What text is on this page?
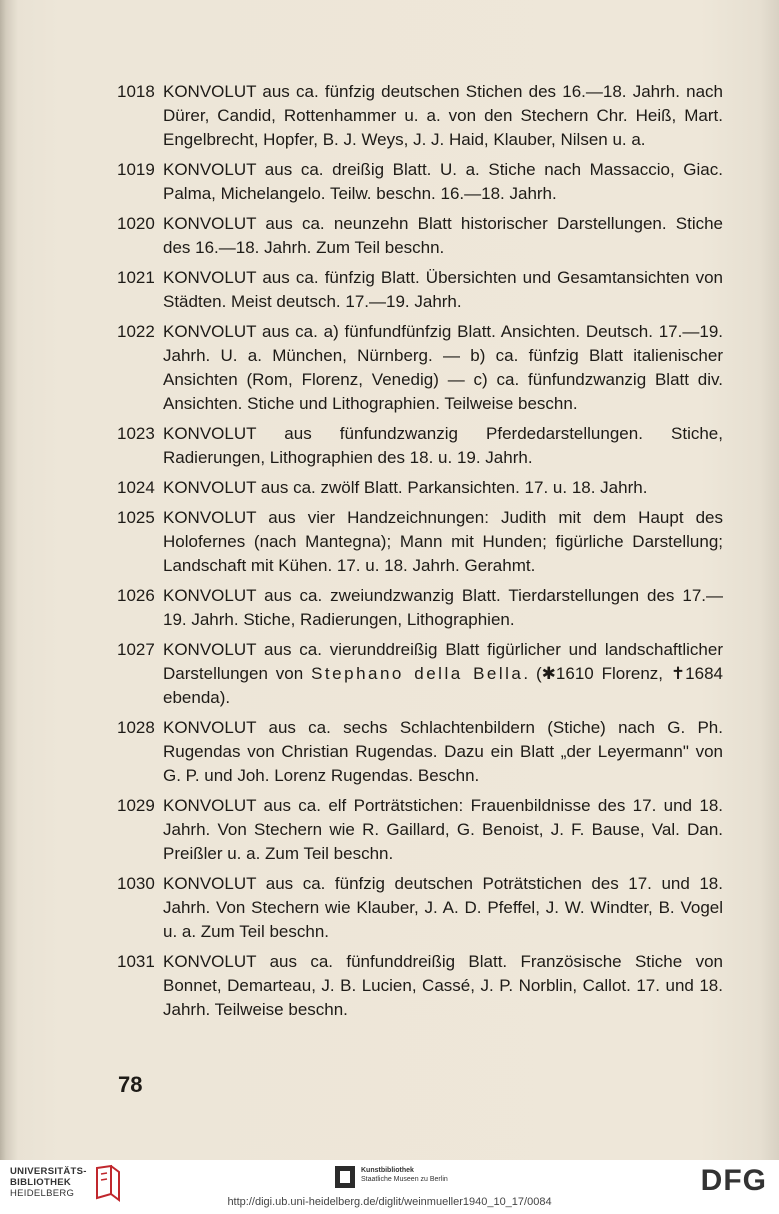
1018 KONVOLUT aus ca. fünfzig deutschen Stichen des 16.—18. Jahrh. nach Dürer, Candid, Rottenhammer u. a. von den Stechern Chr. Heiß, Mart. Engelbrecht, Hopfer, B. J. Weys, J. J. Haid, Klauber, Nilsen u. a.
1019 KONVOLUT aus ca. dreißig Blatt. U. a. Stiche nach Massaccio, Giac. Palma, Michelangelo. Teilw. beschn. 16.—18. Jahrh.
1020 KONVOLUT aus ca. neunzehn Blatt historischer Darstellungen. Stiche des 16.—18. Jahrh. Zum Teil beschn.
1021 KONVOLUT aus ca. fünfzig Blatt. Übersichten und Gesamtansichten von Städten. Meist deutsch. 17.—19. Jahrh.
1022 KONVOLUT aus ca. a) fünfundfünfzig Blatt. Ansichten. Deutsch. 17.—19. Jahrh. U. a. München, Nürnberg. — b) ca. fünfzig Blatt italienischer Ansichten (Rom, Florenz, Venedig) — c) ca. fünfundzwanzig Blatt div. Ansichten. Stiche und Lithographien. Teilweise beschn.
1023 KONVOLUT aus fünfundzwanzig Pferdedarstellungen. Stiche, Radierungen, Lithographien des 18. u. 19. Jahrh.
1024 KONVOLUT aus ca. zwölf Blatt. Parkansichten. 17. u. 18. Jahrh.
1025 KONVOLUT aus vier Handzeichnungen: Judith mit dem Haupt des Holofernes (nach Mantegna); Mann mit Hunden; figürliche Darstellung; Landschaft mit Kühen. 17. u. 18. Jahrh. Gerahmt.
1026 KONVOLUT aus ca. zweiundzwanzig Blatt. Tierdarstellungen des 17.—19. Jahrh. Stiche, Radierungen, Lithographien.
1027 KONVOLUT aus ca. vierunddreißig Blatt figürlicher und landschaftlicher Darstellungen von Stephano della Bella. (✱1610 Florenz, ✝1684 ebenda).
1028 KONVOLUT aus ca. sechs Schlachtenbildern (Stiche) nach G. Ph. Rugendas von Christian Rugendas. Dazu ein Blatt „der Leyermann" von G. P. und Joh. Lorenz Rugendas. Beschn.
1029 KONVOLUT aus ca. elf Porträtstichen: Frauenbildnisse des 17. und 18. Jahrh. Von Stechern wie R. Gaillard, G. Benoist, J. F. Bause, Val. Dan. Preißler u. a. Zum Teil beschn.
1030 KONVOLUT aus ca. fünfzig deutschen Poträtstichen des 17. und 18. Jahrh. Von Stechern wie Klauber, J. A. D. Pfeffel, J. W. Windter, B. Vogel u. a. Zum Teil beschn.
1031 KONVOLUT aus ca. fünfunddreißig Blatt. Französische Stiche von Bonnet, Demarteau, J. B. Lucien, Cassé, J. P. Norblin, Callot. 17. und 18. Jahrh. Teilweise beschn.
78
UNIVERSITÄTS-
BIBLIOTHEK
HEIDELBERG
Kunstbibliothek
Staatliche Museen zu Berlin	DFG
http://digi.ub.uni-heidelberg.de/diglit/weinmueller1940_10_17/0084
